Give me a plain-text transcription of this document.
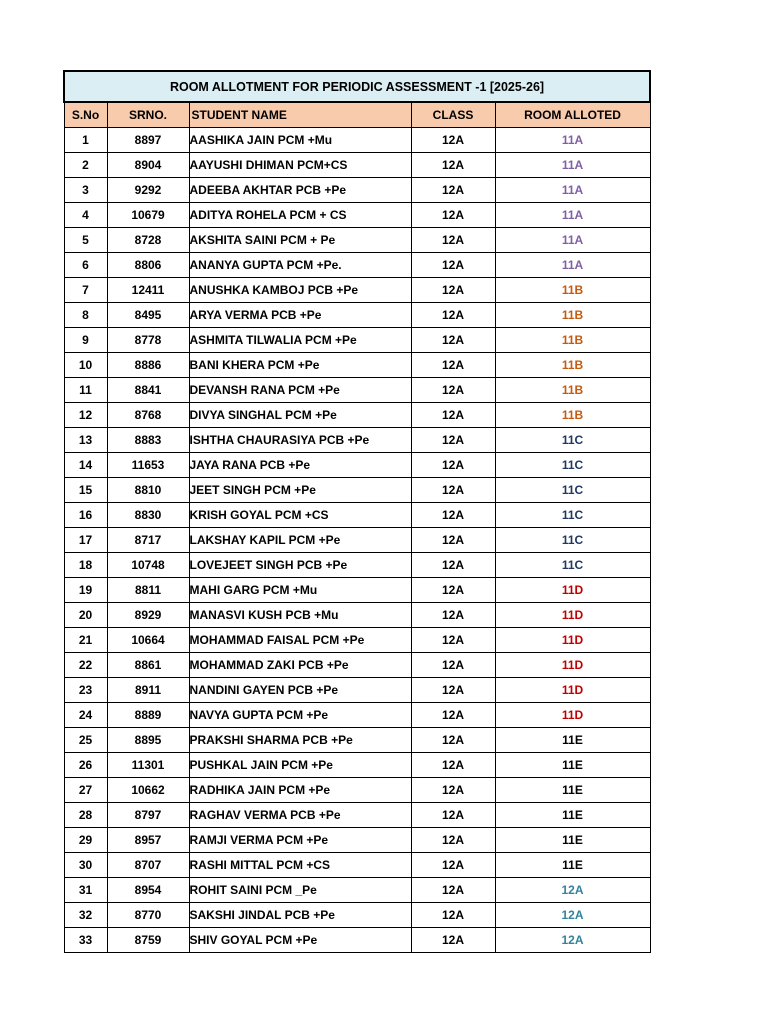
ROOM ALLOTMENT FOR PERIODIC ASSESSMENT -1 [2025-26]				
S.No	SRNO.	STUDENT NAME	CLASS	ROOM ALLOTED
1	8897	AASHIKA JAIN PCM +Mu	12A	11A
2	8904	AAYUSHI DHIMAN PCM+CS	12A	11A
3	9292	ADEEBA AKHTAR PCB +Pe	12A	11A
4	10679	ADITYA ROHELA PCM + CS	12A	11A
5	8728	AKSHITA SAINI PCM + Pe	12A	11A
6	8806	ANANYA GUPTA PCM +Pe.	12A	11A
7	12411	ANUSHKA KAMBOJ PCB +Pe	12A	11B
8	8495	ARYA VERMA PCB +Pe	12A	11B
9	8778	ASHMITA TILWALIA PCM +Pe	12A	11B
10	8886	BANI KHERA PCM +Pe	12A	11B
11	8841	DEVANSH RANA PCM +Pe	12A	11B
12	8768	DIVYA SINGHAL PCM +Pe	12A	11B
13	8883	ISHTHA CHAURASIYA PCB +Pe	12A	11C
14	11653	JAYA RANA PCB +Pe	12A	11C
15	8810	JEET SINGH PCM +Pe	12A	11C
16	8830	KRISH GOYAL PCM +CS	12A	11C
17	8717	LAKSHAY KAPIL PCM +Pe	12A	11C
18	10748	LOVEJEET SINGH PCB +Pe	12A	11C
19	8811	MAHI GARG PCM +Mu	12A	11D
20	8929	MANASVI KUSH PCB +Mu	12A	11D
21	10664	MOHAMMAD FAISAL PCM +Pe	12A	11D
22	8861	MOHAMMAD ZAKI PCB +Pe	12A	11D
23	8911	NANDINI GAYEN PCB +Pe	12A	11D
24	8889	NAVYA GUPTA PCM +Pe	12A	11D
25	8895	PRAKSHI SHARMA PCB +Pe	12A	11E
26	11301	PUSHKAL JAIN PCM +Pe	12A	11E
27	10662	RADHIKA JAIN PCM +Pe	12A	11E
28	8797	RAGHAV VERMA PCB +Pe	12A	11E
29	8957	RAMJI VERMA PCM +Pe	12A	11E
30	8707	RASHI MITTAL PCM +CS	12A	11E
31	8954	ROHIT SAINI PCM _Pe	12A	12A
32	8770	SAKSHI JINDAL PCB +Pe	12A	12A
33	8759	SHIV GOYAL PCM +Pe	12A	12A
